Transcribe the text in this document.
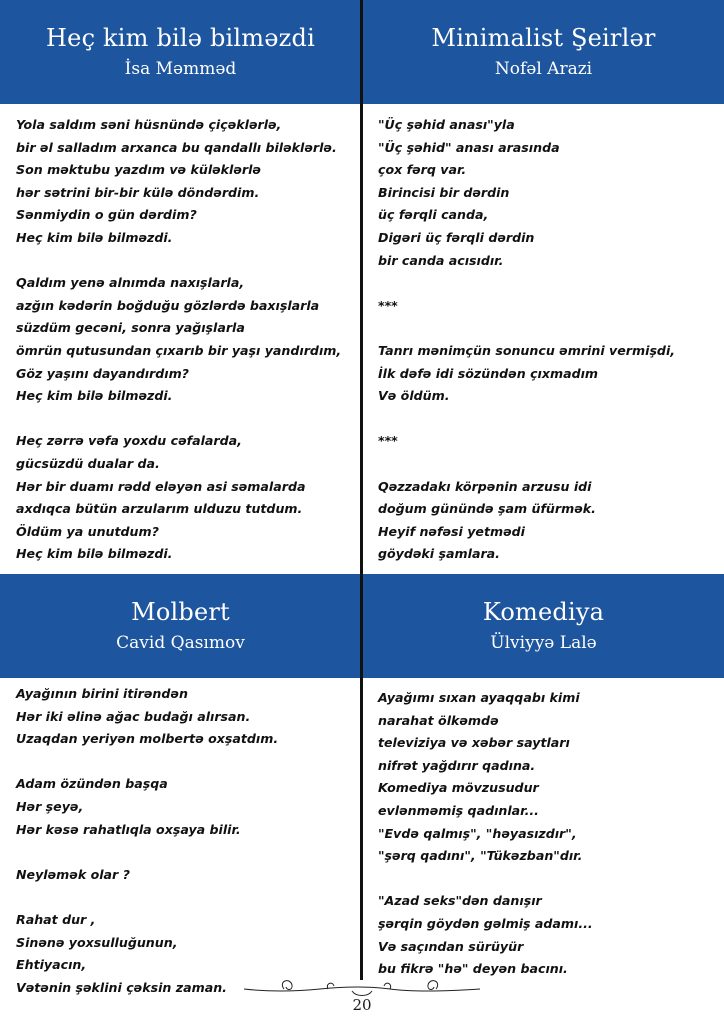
Heç kim bilə bilməzdi
İsa Məmməd
Minimalist Şeirlər
Nofəl Arazi
Molbert
Cavid Qasımov
Komediya
Ülviyyə Lalə
Yola saldım səni hüsnündə çiçəklərlə,
bir əl salladım arxanca bu qandallı biləklərlə.
Son məktubu yazdım və küləklərlə
hər sətrini bir-bir külə döndərdim.
Sənmiydin o gün dərdim?
Heç kim bilə bilməzdi.
Qaldım yenə alnımda naxışlarla,
azğın kədərin boğduğu gözlərdə baxışlarla
süzdüm gecəni, sonra yağışlarla
ömrün qutusundan çıxarıb bir yaşı yandırdım,
Göz yaşını dayandırdım?
Heç kim bilə bilməzdi.
Heç zərrə vəfa yoxdu cəfalarda,
gücsüzdü dualar da.
Hər bir duamı rədd eləyən asi səmalarda
axdıqca bütün arzularım ulduzu tutdum.
Öldüm ya unutdum?
Heç kim bilə bilməzdi.
"Üç şəhid anası"yla
"Üç şəhid" anası arasında
çox fərq var.
Birincisi bir dərdin
üç fərqli canda,
Digəri üç fərqli dərdin
bir canda acısıdır.
***
Tanrı mənimçün sonuncu əmrini vermişdi,
İlk dəfə idi sözündən çıxmadım
Və öldüm.
***
Qəzzadakı körpənin arzusu idi
doğum günündə şam üfürmək.
Heyif nəfəsi yetmədi
göydəki şamlara.
Ayağının birini itirəndən
Hər iki əlinə ağac budağı alırsan.
Uzaqdan yeriyən molbertə oxşatdım.
Adam özündən başqa
Hər şeyə,
Hər kəsə rahatlıqla oxşaya bilir.
Neyləmək olar ?
Rahat dur ,
Sinənə yoxsulluğunun,
Ehtiyacın,
Vətənin şəklini çəksin zaman.
Ayağımı sıxan ayaqqabı kimi
narahat ölkəmdə
televiziya və xəbər saytları
nifrət yağdırır qadına.
Komediya mövzusudur
evlənməmiş qadınlar...
"Evdə qalmış", "həyasızdır",
"şərq qadını", "Tükəzban"dır.
"Azad seks"dən danışır
şərqin göydən gəlmiş adamı...
Və saçından sürüyür
bu fikrə "hə" deyən bacını.
20
